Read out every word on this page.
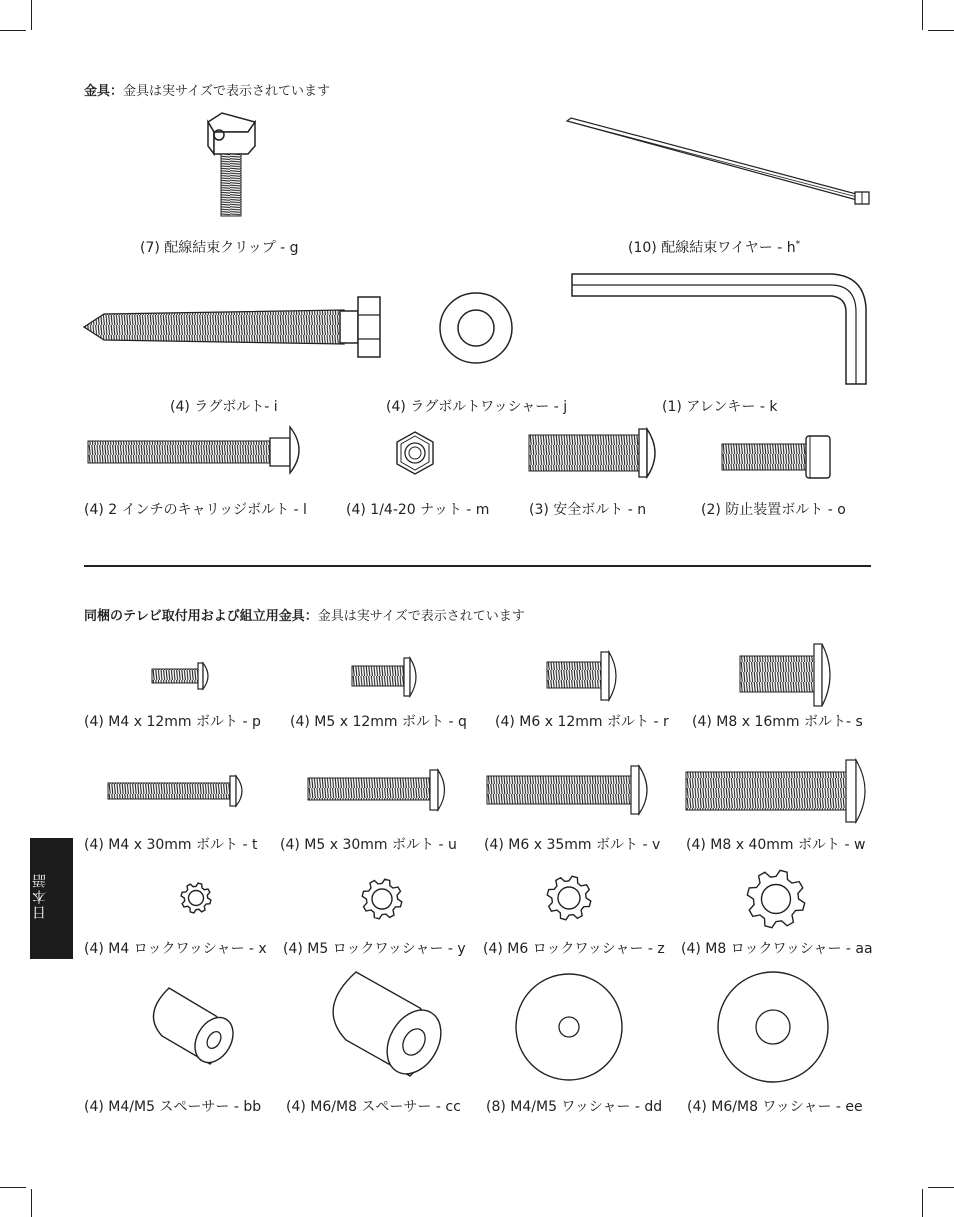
金具：金具は実サイズで表示されています
(7) 配線結束クリップ - g	(10) 配線結束ワイヤー - h*
(4) ラグボルト- i	(4) ラグボルトワッシャー - j	(1) アレンキー - k
(4) 2 インチのキャリッジボルト - l	(4) 1/4-20 ナット - m	(3) 安全ボルト - n	(2) 防止装置ボルト - o
同梱のテレビ取付用および組立用金具：金具は実サイズで表示されています
(4) M4 x 12mm ボルト - p (4) M5 x 12mm ボルト - q (4) M6 x 12mm ボルト - r (4) M8 x 16mm ボルト- s
(4) M4 x 30mm ボルト - t (4) M5 x 30mm ボルト - u (4) M6 x 35mm ボルト - v (4) M8 x 40mm ボルト - w
日本語
(4) M4 ロックワッシャー - x (4) M5 ロックワッシャー - y (4) M6 ロックワッシャー - z (4) M8 ロックワッシャー - aa
(4) M4/M5 スペーサー - bb (4) M6/M8 スペーサー - cc (8) M4/M5 ワッシャー - dd (4) M6/M8 ワッシャー - ee
